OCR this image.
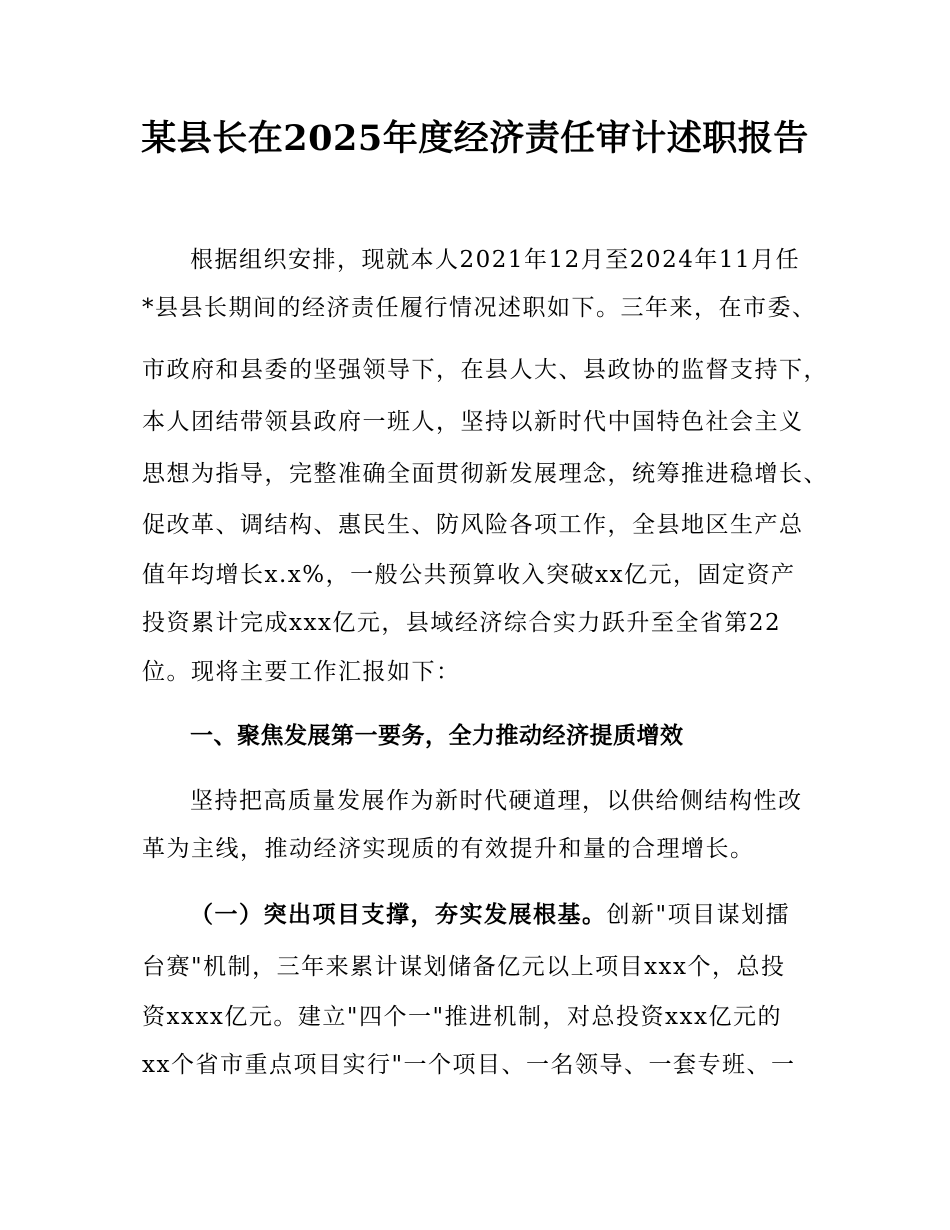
某县长在2025年度经济责任审计述职报告
根据组织安排，现就本人2021年12月至2024年11月任
*县县长期间的经济责任履行情况述职如下。三年来，在市委、
市政府和县委的坚强领导下，在县人大、县政协的监督支持下，
本人团结带领县政府一班人，坚持以新时代中国特色社会主义
思想为指导，完整准确全面贯彻新发展理念，统筹推进稳增长、
促改革、调结构、惠民生、防风险各项工作，全县地区生产总
值年均增长x.x%，一般公共预算收入突破xx亿元，固定资产
投资累计完成xxx亿元，县域经济综合实力跃升至全省第22
位。现将主要工作汇报如下：
一、聚焦发展第一要务，全力推动经济提质增效
坚持把高质量发展作为新时代硬道理，以供给侧结构性改
革为主线，推动经济实现质的有效提升和量的合理增长。
（一）突出项目支撑，夯实发展根基。创新"项目谋划擂
台赛"机制，三年来累计谋划储备亿元以上项目xxx个，总投
资xxxx亿元。建立"四个一"推进机制，对总投资xxx亿元的
xx个省市重点项目实行"一个项目、一名领导、一套专班、一
